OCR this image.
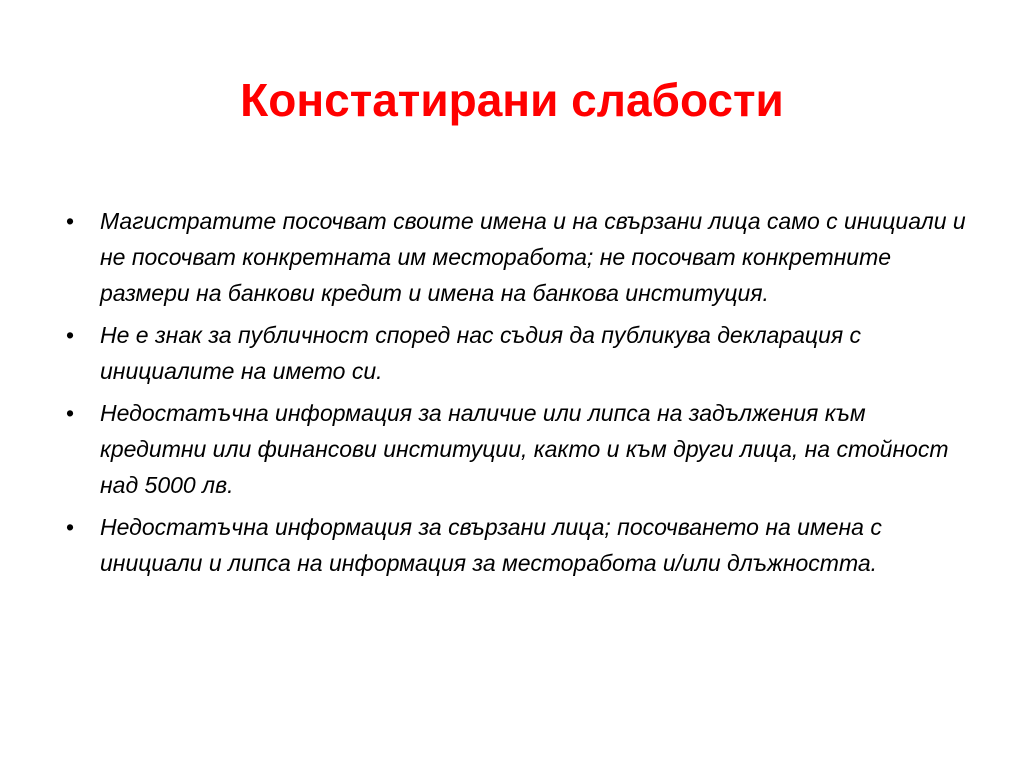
Констатирани слабости
• Магистратите посочват своите имена и на свързани лица само с инициали и не посочват конкретната им месторабота; не посочват конкретните размери на банкови кредит и имена на банкова институция.
• Не е знак за публичност според нас съдия да публикува декларация с инициалите на името си.
• Недостатъчна информация за наличие или липса на задължения към кредитни или финансови институции, както и към други лица, на стойност над 5000 лв.
• Недостатъчна информация за свързани лица; посочването на имена с инициали и липса на информация за месторабота и/или длъжността.
